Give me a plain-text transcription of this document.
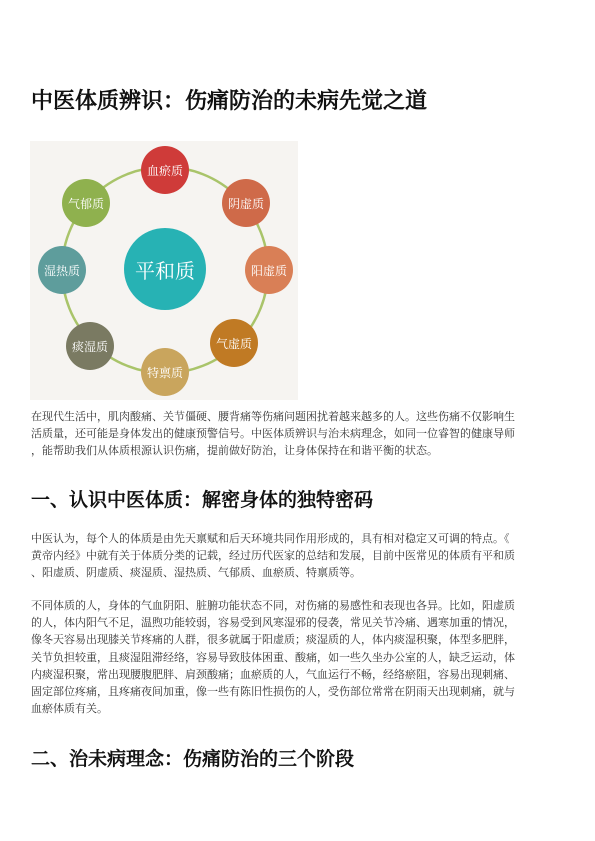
中医体质辨识：伤痛防治的未病先觉之道
平和质
血瘀质
阴虚质
阳虚质
气虚质
特禀质
痰湿质
湿热质
气郁质
在现代生活中，肌肉酸痛、关节僵硬、腰背痛等伤痛问题困扰着越来越多的人。这些伤痛不仅影响生
活质量，还可能是身体发出的健康预警信号。中医体质辨识与治未病理念，如同一位睿智的健康导师
，能帮助我们从体质根源认识伤痛，提前做好防治，让身体保持在和谐平衡的状态。
一、认识中医体质：解密身体的独特密码
中医认为，每个人的体质是由先天禀赋和后天环境共同作用形成的，具有相对稳定又可调的特点。《
黄帝内经》中就有关于体质分类的记载，经过历代医家的总结和发展，目前中医常见的体质有平和质
、阳虚质、阴虚质、痰湿质、湿热质、气郁质、血瘀质、特禀质等。
不同体质的人，身体的气血阴阳、脏腑功能状态不同，对伤痛的易感性和表现也各异。比如，阳虚质
的人，体内阳气不足，温煦功能较弱，容易受到风寒湿邪的侵袭，常见关节冷痛、遇寒加重的情况，
像冬天容易出现膝关节疼痛的人群，很多就属于阳虚质；痰湿质的人，体内痰湿积聚，体型多肥胖，
关节负担较重，且痰湿阻滞经络，容易导致肢体困重、酸痛，如一些久坐办公室的人，缺乏运动，体
内痰湿积聚，常出现腰腹肥胖、肩颈酸痛；血瘀质的人，气血运行不畅，经络瘀阻，容易出现刺痛、
固定部位疼痛，且疼痛夜间加重，像一些有陈旧性损伤的人，受伤部位常常在阴雨天出现刺痛，就与
血瘀体质有关。
二、治未病理念：伤痛防治的三个阶段
